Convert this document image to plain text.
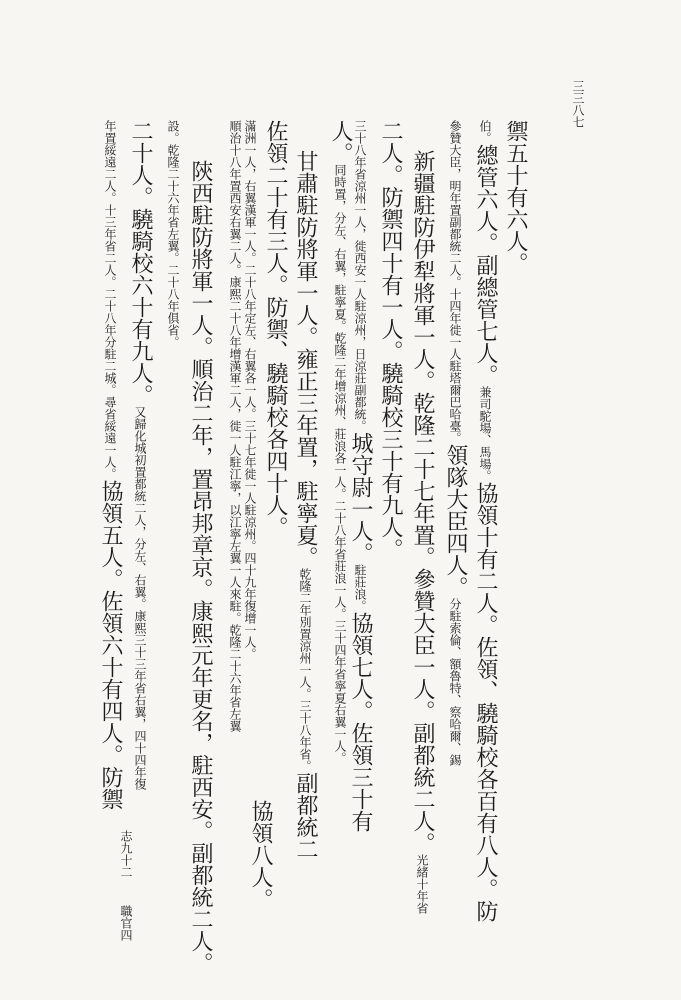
年置綏遠二人。十三年省二人。二十八年分駐二城。尋省綏遠一人。協領五人。佐領六十有四人。防禦
二十人。驍騎校六十有九人。又歸化城初置都統二人，分左、右翼。康熙三十三年省右翼，四十四年復
設。乾隆二十六年省左翼。二十八年俱省。 陝西駐防將軍一人。順治二年，置昂邦章京。康熙元年更名，駐西安。副都統二人。 順治十八年置西安右翼二人。康熙二十八年增漢軍二人，徙一人駐江寧，以江寧左翼一人來駐。乾隆二十六年省左翼 滿洲一人，右翼漢軍一人。二十八年定左、右翼各一人。三十七年徙一人駐涼州。四十九年復增一人。
協領八人。
佐領二十有三人。防禦、驍騎校各四十人。 甘肅駐防將軍一人。雍正三年置，駐寧夏。乾隆二年別置涼州一人。三十八年省。副都統二
人。同時置，分左、右翼，駐寧夏。乾隆二年增涼州、莊浪各一人。二十八年省莊浪一人。三十四年省寧夏右翼一人。 三十八年省涼州一人，徙西安一人駐涼州，日涼莊副都統。城守尉一人。駐莊浪。協領七人。佐領三十有
二人。防禦四十有一人。驍騎校三十有九人。 新疆駐防伊犁將軍一人。乾隆二十七年置。參贊大臣一人。副都統二人。光緒十年省
參贊大臣，明年置副都統二人。十四年徙一人駐塔爾巴哈臺。領隊大臣四人。分駐索倫、額魯特、察哈爾、錫
伯。總管六人。副總管七人。兼司駝場、馬場。協領十有二人。佐領、驍騎校各百有八人。防
禦五十有六人。
志九十二
職官四
三三八七
